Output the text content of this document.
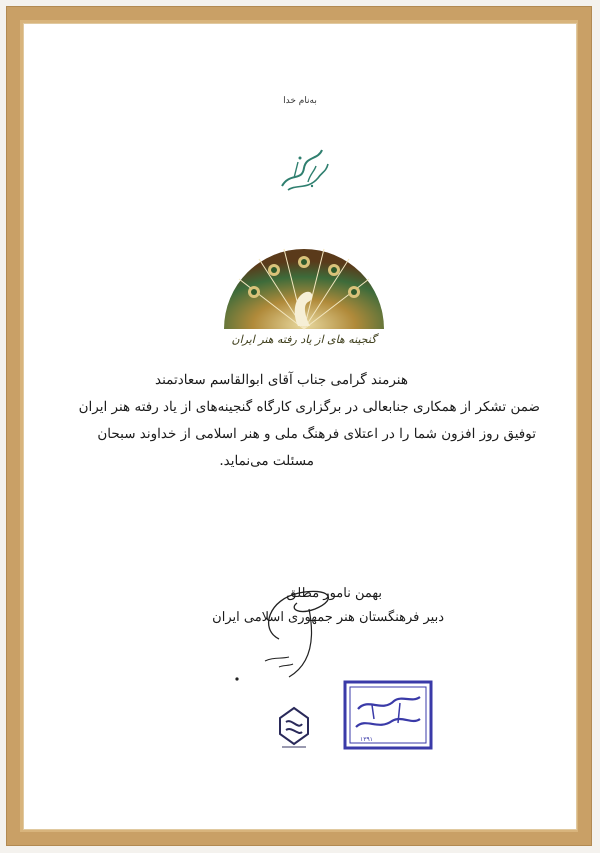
به‌نام خدا
گنجینه های از یاد رفته هنر ایران

هنرمند گرامی جناب آقای ابوالقاسم سعادتمند

ضمن تشکر از همکاری جنابعالی در برگزاری کارگاه گنجینه‌های از یاد رفته هنر ایران

توفیق روز افزون شما را در اعتلای فرهنگ ملی و هنر اسلامی از خداوند سبحان

مسئلت می‌نماید.

بهمن نامور مطلق
دبیر فرهنگستان هنر جمهوری اسلامی ایران
۱۳۹۱
